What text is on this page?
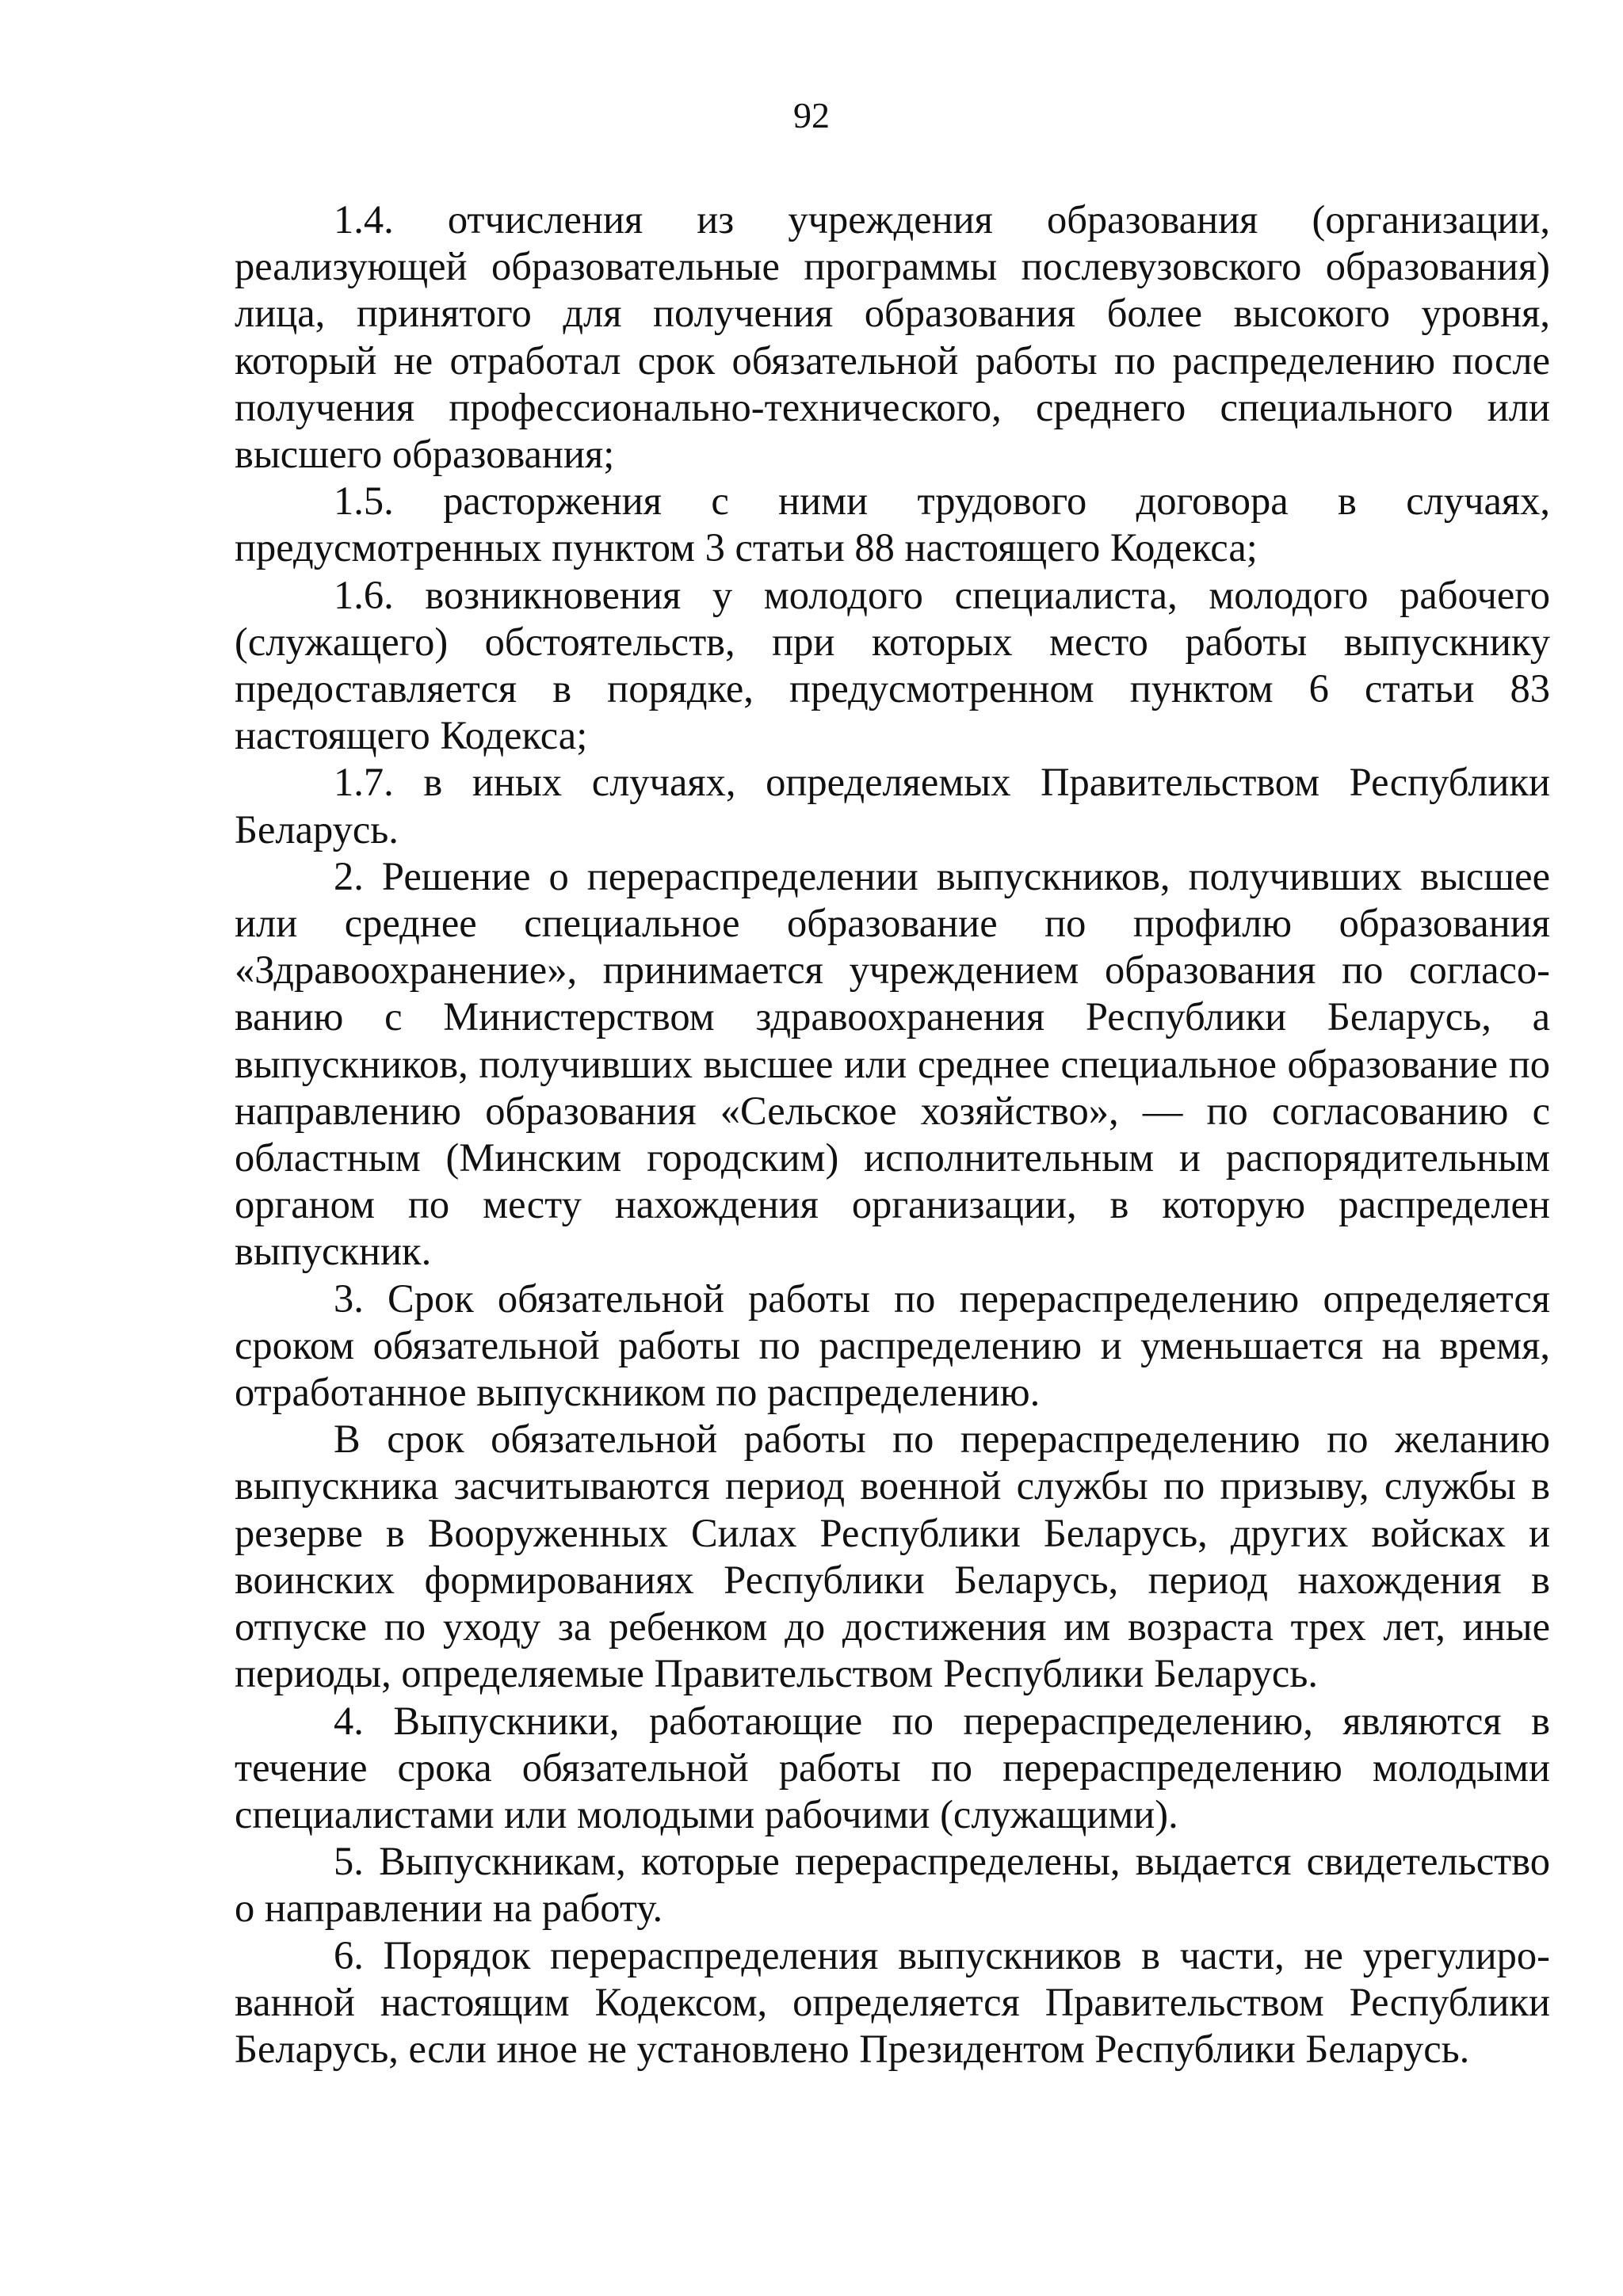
92

1.4. отчисления из учреждения образования (организации, реализующей образовательные программы послевузовского образования) лица, принятого для получения образования более высокого уровня, который не отработал срок обязательной работы по распределению после получения профессионально-технического, среднего специального или высшего образования;

1.5. расторжения с ними трудового договора в случаях, предусмотренных пунктом 3 статьи 88 настоящего Кодекса;

1.6. возникновения у молодого специалиста, молодого рабочего (служащего) обстоятельств, при которых место работы выпускнику предоставляется в порядке, предусмотренном пунктом 6 статьи 83 настоящего Кодекса;

1.7. в иных случаях, определяемых Правительством Республики Беларусь.

2. Решение о перераспределении выпускников, получивших высшее или среднее специальное образование по профилю образования «Здравоохранение», принимается учреждением образования по согласованию с Министерством здравоохранения Республики Беларусь, а выпускников, получивших высшее или среднее специальное образование по направлению образования «Сельское хозяйство», — по согласованию с областным (Минским городским) исполнительным и распорядительным органом по месту нахождения организации, в которую распределен выпускник.

3. Срок обязательной работы по перераспределению определяется сроком обязательной работы по распределению и уменьшается на время, отработанное выпускником по распределению.

В срок обязательной работы по перераспределению по желанию выпускника засчитываются период военной службы по призыву, службы в резерве в Вооруженных Силах Республики Беларусь, других войсках и воинских формированиях Республики Беларусь, период нахождения в отпуске по уходу за ребенком до достижения им возраста трех лет, иные периоды, определяемые Правительством Республики Беларусь.

4. Выпускники, работающие по перераспределению, являются в течение срока обязательной работы по перераспределению молодыми специалистами или молодыми рабочими (служащими).

5. Выпускникам, которые перераспределены, выдается свидетельство о направлении на работу.

6. Порядок перераспределения выпускников в части, не урегулированной настоящим Кодексом, определяется Правительством Республики Беларусь, если иное не установлено Президентом Республики Беларусь.
